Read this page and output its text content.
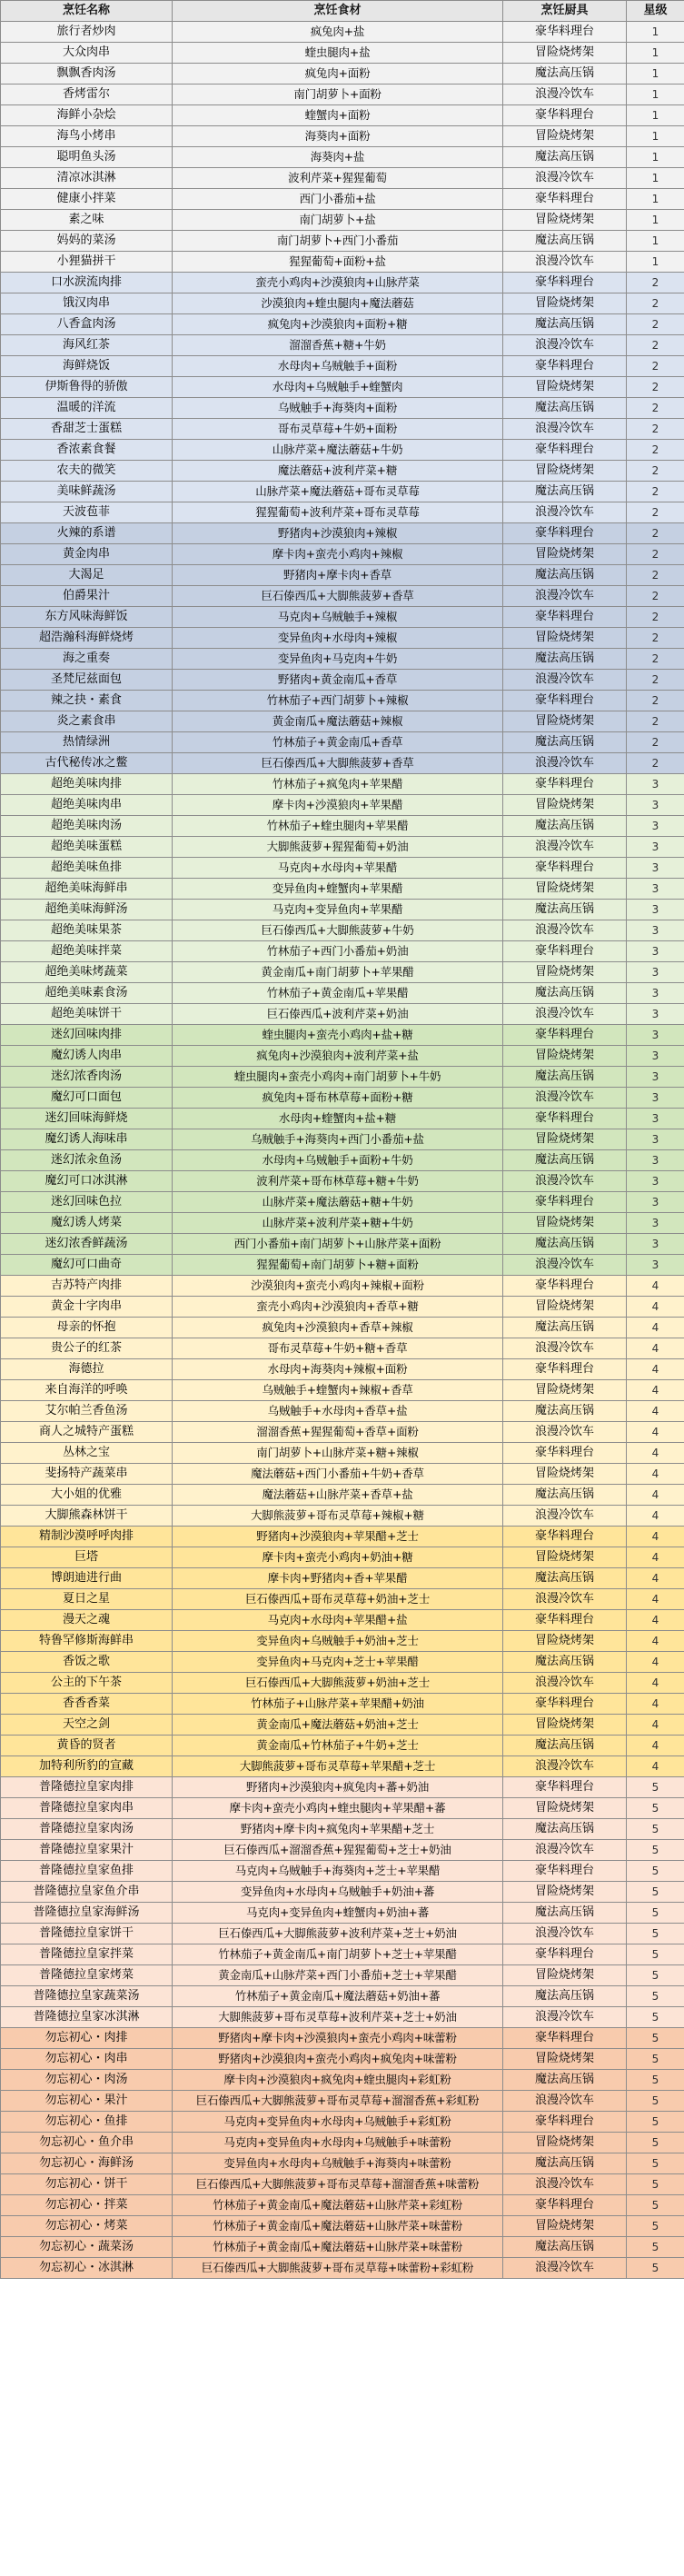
烹饪名称	烹饪食材	烹饪厨具	星级
旅行者炒肉	疯兔肉+盐	豪华料理台	1
大众肉串	蝰虫腿肉+盐	冒险烧烤架	1
飘飘香肉汤	疯兔肉+面粉	魔法高压锅	1
香烤雷尔	南门胡萝卜+面粉	浪漫冷饮车	1
海鲜小杂烩	蝰蟹肉+面粉	豪华料理台	1
海鸟小烤串	海葵肉+面粉	冒险烧烤架	1
聪明鱼头汤	海葵肉+盐	魔法高压锅	1
清凉冰淇淋	波利芹菜+猩猩葡萄	浪漫冷饮车	1
健康小拌菜	西门小番茄+盐	豪华料理台	1
素之味	南门胡萝卜+盐	冒险烧烤架	1
妈妈的菜汤	南门胡萝卜+西门小番茄	魔法高压锅	1
小狸猫拼干	猩猩葡萄+面粉+盐	浪漫冷饮车	1
口水淚流肉排	蛮壳小鸡肉+沙漠狼肉+山脉芹菜	豪华料理台	2
饿汉肉串	沙漠狼肉+蝰虫腿肉+魔法蘑菇	冒险烧烤架	2
八香盒肉汤	疯兔肉+沙漠狼肉+面粉+糖	魔法高压锅	2
海风红茶	溜溜香蕉+糖+牛奶	浪漫冷饮车	2
海鲜烧饭	水母肉+乌贼触手+面粉	豪华料理台	2
伊斯鲁得的骄傲	水母肉+乌贼触手+蝰蟹肉	冒险烧烤架	2
温暖的洋流	乌贼触手+海葵肉+面粉	魔法高压锅	2
香甜芝士蛋糕	哥布灵草莓+牛奶+面粉	浪漫冷饮车	2
香浓素食餐	山脉芹菜+魔法蘑菇+牛奶	豪华料理台	2
农夫的微笑	魔法蘑菇+波利芹菜+糖	冒险烧烤架	2
美味鲜蔬汤	山脉芹菜+魔法蘑菇+哥布灵草莓	魔法高压锅	2
天波苞菲	猩猩葡萄+波利芹菜+哥布灵草莓	浪漫冷饮车	2
火辣的系谱	野猪肉+沙漠狼肉+辣椒	豪华料理台	2
黄金肉串	摩卡肉+蛮壳小鸡肉+辣椒	冒险烧烤架	2
大渴足	野猪肉+摩卡肉+香草	魔法高压锅	2
伯爵果汁	巨石傣西瓜+大脚熊菠萝+香草	浪漫冷饮车	2
东方风味海鲜饭	马克肉+乌贼触手+辣椒	豪华料理台	2
超浩瀚科海鲜烧烤	变异鱼肉+水母肉+辣椒	冒险烧烤架	2
海之重奏	变异鱼肉+马克肉+牛奶	魔法高压锅	2
圣梵尼兹面包	野猪肉+黄金南瓜+香草	浪漫冷饮车	2
辣之抉・素食	竹林茄子+西门胡萝卜+辣椒	豪华料理台	2
炎之素食串	黄金南瓜+魔法蘑菇+辣椒	冒险烧烤架	2
热情绿洲	竹林茄子+黄金南瓜+香草	魔法高压锅	2
古代秘传冰之鳖	巨石傣西瓜+大脚熊菠萝+香草	浪漫冷饮车	2
超绝美味肉排	竹林茄子+疯兔肉+苹果醋	豪华料理台	3
超绝美味肉串	摩卡肉+沙漠狼肉+苹果醋	冒险烧烤架	3
超绝美味肉汤	竹林茄子+蝰虫腿肉+苹果醋	魔法高压锅	3
超绝美味蛋糕	大脚熊菠萝+猩猩葡萄+奶油	浪漫冷饮车	3
超绝美味鱼排	马克肉+水母肉+苹果醋	豪华料理台	3
超绝美味海鲜串	变异鱼肉+蝰蟹肉+苹果醋	冒险烧烤架	3
超绝美味海鲜汤	马克肉+变异鱼肉+苹果醋	魔法高压锅	3
超绝美味果茶	巨石傣西瓜+大脚熊菠萝+牛奶	浪漫冷饮车	3
超绝美味拌菜	竹林茄子+西门小番茄+奶油	豪华料理台	3
超绝美味烤蔬菜	黄金南瓜+南门胡萝卜+苹果醋	冒险烧烤架	3
超绝美味素食汤	竹林茄子+黄金南瓜+苹果醋	魔法高压锅	3
超绝美味饼干	巨石傣西瓜+波利芹菜+奶油	浪漫冷饮车	3
迷幻回味肉排	蝰虫腿肉+蛮壳小鸡肉+盐+糖	豪华料理台	3
魔幻诱人肉串	疯兔肉+沙漠狼肉+波利芹菜+盐	冒险烧烤架	3
迷幻浓香肉汤	蝰虫腿肉+蛮壳小鸡肉+南门胡萝卜+牛奶	魔法高压锅	3
魔幻可口面包	疯兔肉+哥布林草莓+面粉+糖	浪漫冷饮车	3
迷幻回味海鲜烧	水母肉+蝰蟹肉+盐+糖	豪华料理台	3
魔幻诱人海味串	乌贼触手+海葵肉+西门小番茄+盐	冒险烧烤架	3
迷幻浓汆鱼汤	水母肉+乌贼触手+面粉+牛奶	魔法高压锅	3
魔幻可口冰淇淋	波利芹菜+哥布林草莓+糖+牛奶	浪漫冷饮车	3
迷幻回味色拉	山脉芹菜+魔法蘑菇+糖+牛奶	豪华料理台	3
魔幻诱人烤菜	山脉芹菜+波利芹菜+糖+牛奶	冒险烧烤架	3
迷幻浓香鲜蔬汤	西门小番茄+南门胡萝卜+山脉芹菜+面粉	魔法高压锅	3
魔幻可口曲奇	猩猩葡萄+南门胡萝卜+糖+面粉	浪漫冷饮车	3
吉苏特产肉排	沙漠狼肉+蛮壳小鸡肉+辣椒+面粉	豪华料理台	4
黄金十字肉串	蛮壳小鸡肉+沙漠狼肉+香草+糖	冒险烧烤架	4
母亲的怀抱	疯兔肉+沙漠狼肉+香草+辣椒	魔法高压锅	4
贵公子的红茶	哥布灵草莓+牛奶+糖+香草	浪漫冷饮车	4
海德拉	水母肉+海葵肉+辣椒+面粉	豪华料理台	4
来自海洋的呼唤	乌贼触手+蝰蟹肉+辣椒+香草	冒险烧烤架	4
艾尔帕兰香鱼汤	乌贼触手+水母肉+香草+盐	魔法高压锅	4
商人之城特产蛋糕	溜溜香蕉+猩猩葡萄+香草+面粉	浪漫冷饮车	4
丛林之宝	南门胡萝卜+山脉芹菜+糖+辣椒	豪华料理台	4
斐扬特产蔬菜串	魔法蘑菇+西门小番茄+牛奶+香草	冒险烧烤架	4
大小姐的优雅	魔法蘑菇+山脉芹菜+香草+盐	魔法高压锅	4
大脚熊森林饼干	大脚熊菠萝+哥布灵草莓+辣椒+糖	浪漫冷饮车	4
精制沙漠呼呼肉排	野猪肉+沙漠狼肉+苹果醋+芝士	豪华料理台	4
巨塔	摩卡肉+蛮壳小鸡肉+奶油+糖	冒险烧烤架	4
博朗迪进行曲	摩卡肉+野猪肉+香+苹果醋	魔法高压锅	4
夏日之星	巨石傣西瓜+哥布灵草莓+奶油+芝士	浪漫冷饮车	4
漫天之魂	马克肉+水母肉+苹果醋+盐	豪华料理台	4
特鲁罕修斯海鲜串	变异鱼肉+乌贼触手+奶油+芝士	冒险烧烤架	4
香饭之歌	变异鱼肉+马克肉+芝士+苹果醋	魔法高压锅	4
公主的下午茶	巨石傣西瓜+大脚熊菠萝+奶油+芝士	浪漫冷饮车	4
香香香菜	竹林茄子+山脉芹菜+苹果醋+奶油	豪华料理台	4
天空之剑	黄金南瓜+魔法蘑菇+奶油+芝士	冒险烧烤架	4
黄昏的贤者	黄金南瓜+竹林茄子+牛奶+芝士	魔法高压锅	4
加特利所豹的宣藏	大脚熊菠萝+哥布灵草莓+苹果醋+芝士	浪漫冷饮车	4
普隆德拉皇家肉排	野猪肉+沙漠狼肉+疯兔肉+蕃+奶油	豪华料理台	5
普隆德拉皇家肉串	摩卡肉+蛮壳小鸡肉+蝰虫腿肉+苹果醋+蕃	冒险烧烤架	5
普隆德拉皇家肉汤	野猪肉+摩卡肉+疯兔肉+苹果醋+芝士	魔法高压锅	5
普隆德拉皇家果汁	巨石傣西瓜+溜溜香蕉+猩猩葡萄+芝士+奶油	浪漫冷饮车	5
普隆德拉皇家鱼排	马克肉+乌贼触手+海葵肉+芝士+苹果醋	豪华料理台	5
普隆德拉皇家鱼介串	变异鱼肉+水母肉+乌贼触手+奶油+蕃	冒险烧烤架	5
普隆德拉皇家海鲜汤	马克肉+变异鱼肉+蝰蟹肉+奶油+蕃	魔法高压锅	5
普隆德拉皇家饼干	巨石傣西瓜+大脚熊菠萝+波利芹菜+芝士+奶油	浪漫冷饮车	5
普隆德拉皇家拌菜	竹林茄子+黄金南瓜+南门胡萝卜+芝士+苹果醋	豪华料理台	5
普隆德拉皇家烤菜	黄金南瓜+山脉芹菜+西门小番茄+芝士+苹果醋	冒险烧烤架	5
普隆德拉皇家蔬菜汤	竹林茄子+黄金南瓜+魔法蘑菇+奶油+蕃	魔法高压锅	5
普隆德拉皇家冰淇淋	大脚熊菠萝+哥布灵草莓+波利芹菜+芝士+奶油	浪漫冷饮车	5
勿忘初心・肉排	野猪肉+摩卡肉+沙漠狼肉+蛮壳小鸡肉+味蕾粉	豪华料理台	5
勿忘初心・肉串	野猪肉+沙漠狼肉+蛮壳小鸡肉+疯兔肉+味蕾粉	冒险烧烤架	5
勿忘初心・肉汤	摩卡肉+沙漠狼肉+疯兔肉+蝰虫腿肉+彩虹粉	魔法高压锅	5
勿忘初心・果汁	巨石傣西瓜+大脚熊菠萝+哥布灵草莓+溜溜香蕉+彩虹粉	浪漫冷饮车	5
勿忘初心・鱼排	马克肉+变异鱼肉+水母肉+乌贼触手+彩虹粉	豪华料理台	5
勿忘初心・鱼介串	马克肉+变异鱼肉+水母肉+乌贼触手+味蕾粉	冒险烧烤架	5
勿忘初心・海鲜汤	变异鱼肉+水母肉+乌贼触手+海葵肉+味蕾粉	魔法高压锅	5
勿忘初心・饼干	巨石傣西瓜+大脚熊菠萝+哥布灵草莓+溜溜香蕉+味蕾粉	浪漫冷饮车	5
勿忘初心・拌菜	竹林茄子+黄金南瓜+魔法蘑菇+山脉芹菜+彩虹粉	豪华料理台	5
勿忘初心・烤菜	竹林茄子+黄金南瓜+魔法蘑菇+山脉芹菜+味蕾粉	冒险烧烤架	5
勿忘初心・蔬菜汤	竹林茄子+黄金南瓜+魔法蘑菇+山脉芹菜+味蕾粉	魔法高压锅	5
勿忘初心・冰淇淋	巨石傣西瓜+大脚熊菠萝+哥布灵草莓+味蕾粉+彩虹粉	浪漫冷饮车	5
